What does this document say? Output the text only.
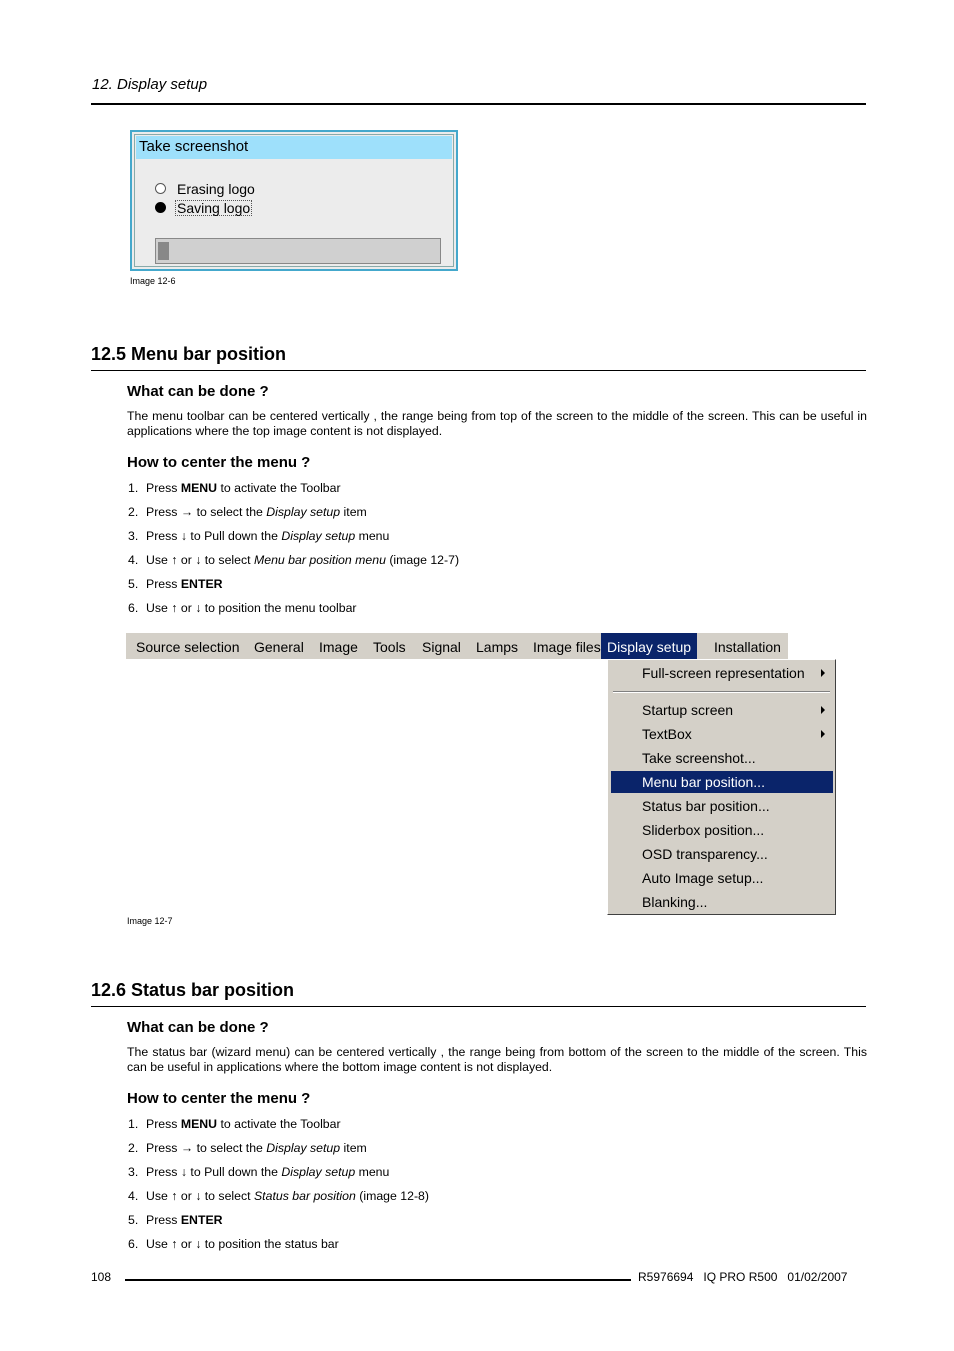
12. Display setup
Take screenshot
Erasing logo
Saving logo
Image 12-6
12.5 Menu bar position
What can be done ?
The menu toolbar can be centered vertically , the range being from top of the screen to the middle of the screen. This can be useful in applications where the top image content is not displayed.
How to center the menu ?
1. Press MENU to activate the Toolbar
2. Press → to select the Display setup item
3. Press ↓ to Pull down the Display setup menu
4. Use ↑ or ↓ to select Menu bar position menu (image 12-7)
5. Press ENTER
6. Use ↑ or ↓ to position the menu toolbar
Source selection General Image Tools Signal Lamps Image files Display setup	Installation
Full-screen representation
Startup screen
TextBox
Take screenshot...
Menu bar position...
Status bar position...
Sliderbox position...
OSD transparency...
Auto Image setup...
Blanking...
Image 12-7
12.6 Status bar position
What can be done ?
The status bar (wizard menu) can be centered vertically , the range being from bottom of the screen to the middle of the screen. This can be useful in applications where the bottom image content is not displayed.
How to center the menu ?
1. Press MENU to activate the Toolbar
2. Press → to select the Display setup item
3. Press ↓ to Pull down the Display setup menu
4. Use ↑ or ↓ to select Status bar position (image 12-8)
5. Press ENTER
6. Use ↑ or ↓ to position the status bar
108	R5976694   IQ PRO R500   01/02/2007
